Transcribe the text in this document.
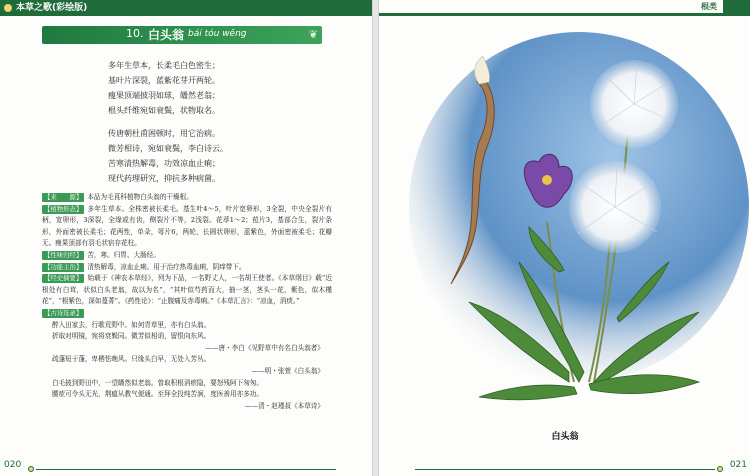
本草之歌(彩绘版)
10. 白头翁 bái tóu wēng	❦
多年生草本，长柔毛白色密生；
基叶片深裂，蓝紫花芽开两轮。
瘦果顶端披羽如球，皤然老翁；
根头纤维宛如衰鬓，状物取名。
传唐朝杜甫困顿时，用它治病。
微芳相诗，宛如衰鬓，李白诗云。
苦寒清热解毒，功效凉血止痢；
现代药理研究，抑抗多种病菌。

【来　　源】 本品为毛茛科植物白头翁的干燥根。

【植物形态】 多年生草本。全株密被长柔毛。基生叶4～5，叶片宽卵形，3全裂，中央全裂片有柄，宽卵形，3深裂，全缘或有齿，侧裂片不等，2浅裂。花葶1～2；苞片3，基部合生，裂片条形，外面密被长柔毛；花两性，单朵，萼片6，两轮，长圆状卵形，蓝紫色，外面密被柔毛；花瓣无。瘦果顶部有羽毛状宿存花柱。

【性味归经】 苦，寒。归胃、大肠经。

【功能主治】 清热解毒，凉血止痢。用于治疗热毒血痢，阴痒带下。

【经史摘要】 始载于《神农本草经》，列为下品，一名野丈人，一名胡王使者。《本草纲目》载“近根处有白茸，状似白头老翁，故以为名”，“其叶似芍药而大，抽一茎，茎头一花，紫色，似木槿花”，“根紫色，深如蔓菁”。《药性论》：“止腹痛及赤毒痢。”《本草汇言》：“凉血，消痰。”

【古诗选录】

醉入田家去，行歌荒野中。如何青草里，亦有白头翁。

折取对明镜，宛将衰鬓同。微芳似相诮，留恨向东风。

——唐・李白《见野草中有名白头翁者》

疏蓬短于蓬，卑栖怯晚风。只缘头白早，无处入芳丛。

——明・张萱《白头翁》

白毛披到野田中，一望皤然似老翁。曾取积根消瘀隐，要怒残阿下匆匆。

腰痃可令头无光，荆瘟从教气便通。至拜全投纯苦涧，度医善用亦多功。

——清・赵瑾叔《本草诗》

020
根类
白头翁
021
